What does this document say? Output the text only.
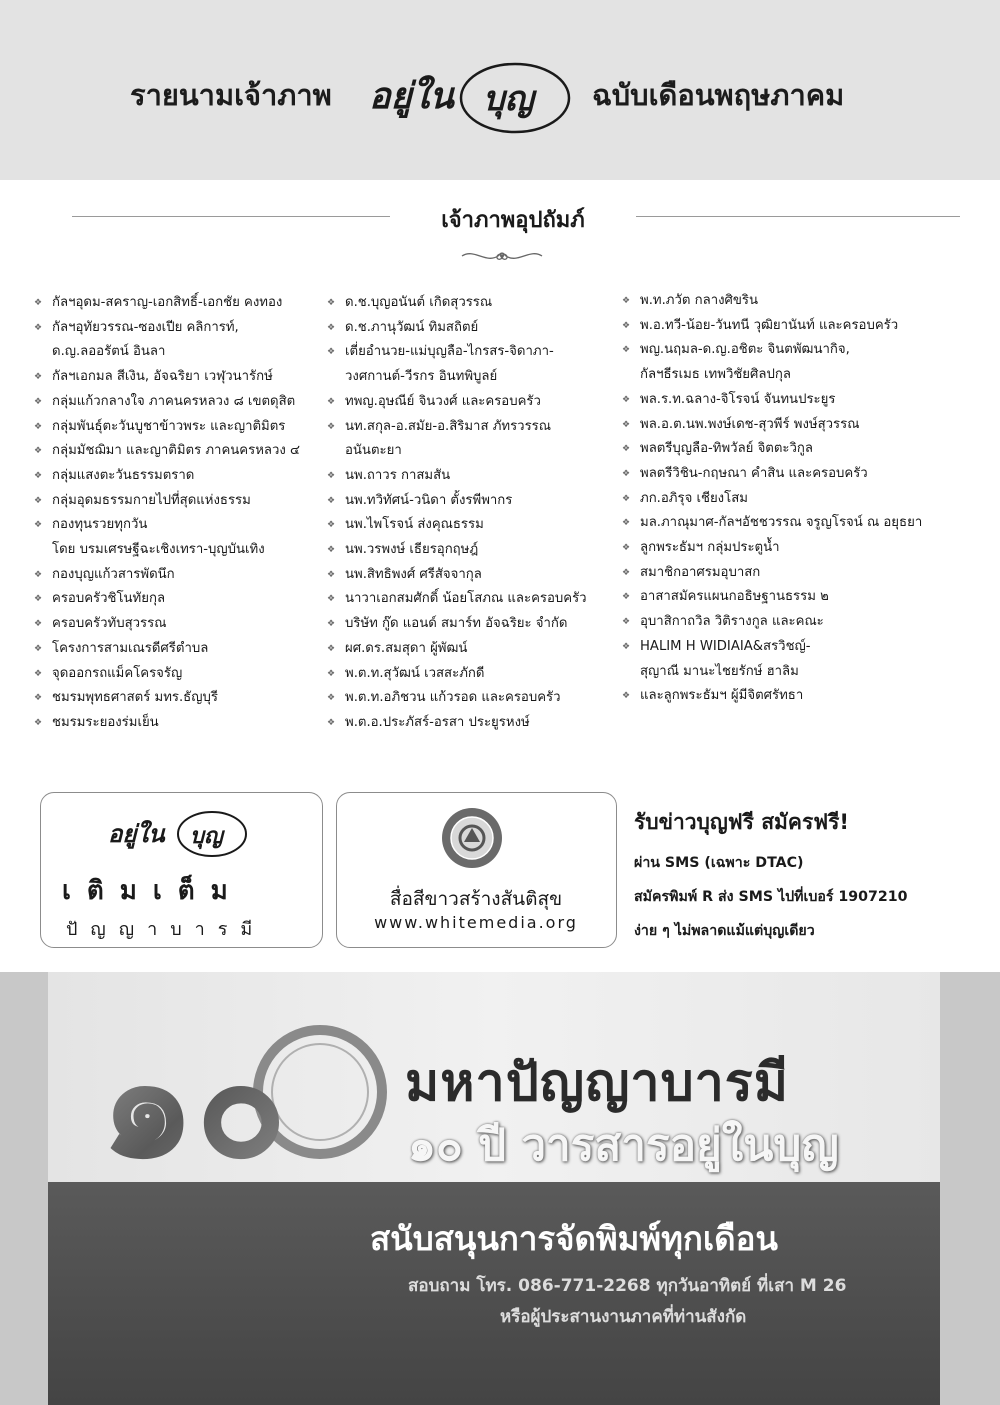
รายนามเจ้าภาพ อยู่ใน บุญ ฉบับเดือนพฤษภาคม
เจ้าภาพอุปถัมภ์
❖ กัลฯอุดม-สคราญ-เอกสิทธิ์-เอกชัย คงทอง
❖ กัลฯอุทัยวรรณ-ซองเปีย คลิการท์,
ด.ญ.ลออรัตน์ อินลา
❖ กัลฯเอกมล สีเงิน, อัจฉริยา เวฬุวนารักษ์
❖ กลุ่มแก้วกลางใจ ภาคนครหลวง ๘ เขตดุสิต
❖ กลุ่มพันธุ์ตะวันบูชาข้าวพระ และญาติมิตร
❖ กลุ่มมัชฌิมา และญาติมิตร ภาคนครหลวง ๔
❖ กลุ่มแสงตะวันธรรมตราด
❖ กลุ่มอุดมธรรมกายไปที่สุดแห่งธรรม
❖ กองทุนรวยทุกวัน
โดย บรมเศรษฐีฉะเชิงเทรา-บุญบันเทิง
❖ กองบุญแก้วสารพัดนึก
❖ ครอบครัวชิโนทัยกุล
❖ ครอบครัวทับสุวรรณ
❖ โครงการสามเณรดีศรีตำบล
❖ จุดออกรถแม็คโครจรัญ
❖ ชมรมพุทธศาสตร์ มทร.ธัญบุรี
❖ ชมรมระยองร่มเย็น
❖ ด.ช.บุญอนันต์ เกิดสุวรรณ
❖ ด.ช.ภานุวัฒน์ ทิมสถิตย์
❖ เตี่ยอำนวย-แม่บุญลือ-ไกรสร-จิดาภา-
วงศกานต์-วีรกร อินทพิบูลย์
❖ ทพญ.อุษณีย์ จินวงศ์ และครอบครัว
❖ นท.สกุล-อ.สมัย-อ.สิริมาส ภัทรวรรณ
อนันตะยา
❖ นพ.ถาวร กาสมสัน
❖ นพ.ทวิทัศน์-วนิดา ตั้งรพีพากร
❖ นพ.ไพโรจน์ ส่งคุณธรรม
❖ นพ.วรพงษ์ เธียรอุกฤษฎ์
❖ นพ.สิทธิพงศ์ ศรีสัจจากุล
❖ นาวาเอกสมศักดิ์ น้อยโสภณ และครอบครัว
❖ บริษัท กู๊ด แอนด์ สมาร์ท อัจฉริยะ จำกัด
❖ ผศ.ดร.สมสุดา ผู้พัฒน์
❖ พ.ต.ท.สุวัฒน์ เวสสะภักดี
❖ พ.ต.ท.อภิชวน แก้วรอด และครอบครัว
❖ พ.ต.อ.ประภัสร์-อรสา ประยูรหงษ์
❖ พ.ท.ภวัต กลางศิขริน
❖ พ.อ.ทวี-น้อย-วันทนี วุฒิยานันท์ และครอบครัว
❖ พญ.นฤมล-ด.ญ.อชิตะ จินตพัฒนากิจ,
กัลฯธีรเมธ เทพวิชัยศิลปกุล
❖ พล.ร.ท.ฉลาง-จิโรจน์ จันทนประยูร
❖ พล.อ.ต.นพ.พงษ์เดช-สุวพีร์ พงษ์สุวรรณ
❖ พลตรีบุญลือ-ทิพวัลย์ จิตตะวิกูล
❖ พลตรีวิชิน-กฤษณา คำสิน และครอบครัว
❖ ภก.อภิรุจ เชียงโสม
❖ มล.ภาณุมาศ-กัลฯอัชชวรรณ จรูญโรจน์ ณ อยุธยา
❖ ลูกพระธัมฯ กลุ่มประตูน้ำ
❖ สมาชิกอาศรมอุบาสก
❖ อาสาสมัครแผนกอธิษฐานธรรม ๒
❖ อุบาสิกาถวิล วิติรางกูล และคณะ
❖ HALIM H WIDIAIA&สรวิชญ์-
สุญาณี มานะไชยรักษ์ ฮาลิม
❖ และลูกพระธัมฯ ผู้มีจิตศรัทธา
อยู่ใน บุญ
เติมเต็ม
ปัญญาบารมี
สื่อสีขาวสร้างสันติสุข
www.whitemedia.org
รับข่าวบุญฟรี สมัครฟรี!
ผ่าน SMS (เฉพาะ DTAC)
สมัครพิมพ์ R ส่ง SMS ไปที่เบอร์ 1907210
ง่าย ๆ ไม่พลาดแม้แต่บุญเดียว
๑๐ มหาปัญญาบารมี
๑๐ ปี วารสารอยู่ในบุญ
สนับสนุนการจัดพิมพ์ทุกเดือน
สอบถาม โทร. 086-771-2268 ทุกวันอาทิตย์ ที่เสา M 26
หรือผู้ประสานงานภาคที่ท่านสังกัด
